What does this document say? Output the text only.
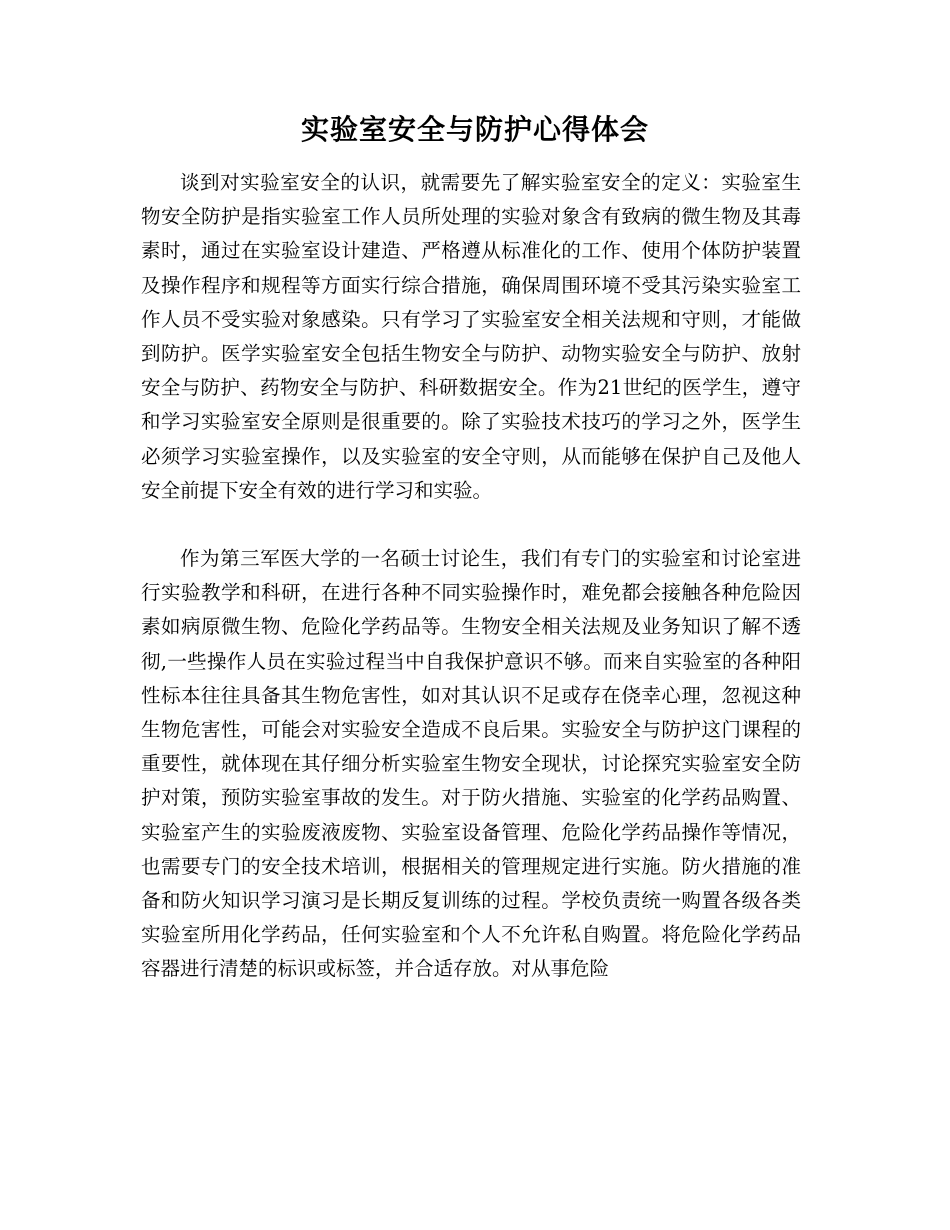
实验室安全与防护心得体会

谈到对实验室安全的认识，就需要先了解实验室安全的定义：实验室生物安全防护是指实验室工作人员所处理的实验对象含有致病的微生物及其毒素时，通过在实验室设计建造、严格遵从标准化的工作、使用个体防护装置及操作程序和规程等方面实行综合措施，确保周围环境不受其污染实验室工作人员不受实验对象感染。只有学习了实验室安全相关法规和守则，才能做到防护。医学实验室安全包括生物安全与防护、动物实验安全与防护、放射安全与防护、药物安全与防护、科研数据安全。作为21世纪的医学生，遵守和学习实验室安全原则是很重要的。除了实验技术技巧的学习之外，医学生必须学习实验室操作，以及实验室的安全守则，从而能够在保护自己及他人安全前提下安全有效的进行学习和实验。

作为第三军医大学的一名硕士讨论生，我们有专门的实验室和讨论室进行实验教学和科研，在进行各种不同实验操作时，难免都会接触各种危险因素如病原微生物、危险化学药品等。生物安全相关法规及业务知识了解不透彻,一些操作人员在实验过程当中自我保护意识不够。而来自实验室的各种阳性标本往往具备其生物危害性，如对其认识不足或存在侥幸心理，忽视这种生物危害性，可能会对实验安全造成不良后果。实验安全与防护这门课程的重要性，就体现在其仔细分析实验室生物安全现状，讨论探究实验室安全防护对策，预防实验室事故的发生。对于防火措施、实验室的化学药品购置、实验室产生的实验废液废物、实验室设备管理、危险化学药品操作等情况，也需要专门的安全技术培训，根据相关的管理规定进行实施。防火措施的准备和防火知识学习演习是长期反复训练的过程。学校负责统一购置各级各类实验室所用化学药品，任何实验室和个人不允许私自购置。将危险化学药品容器进行清楚的标识或标签，并合适存放。对从事危险
